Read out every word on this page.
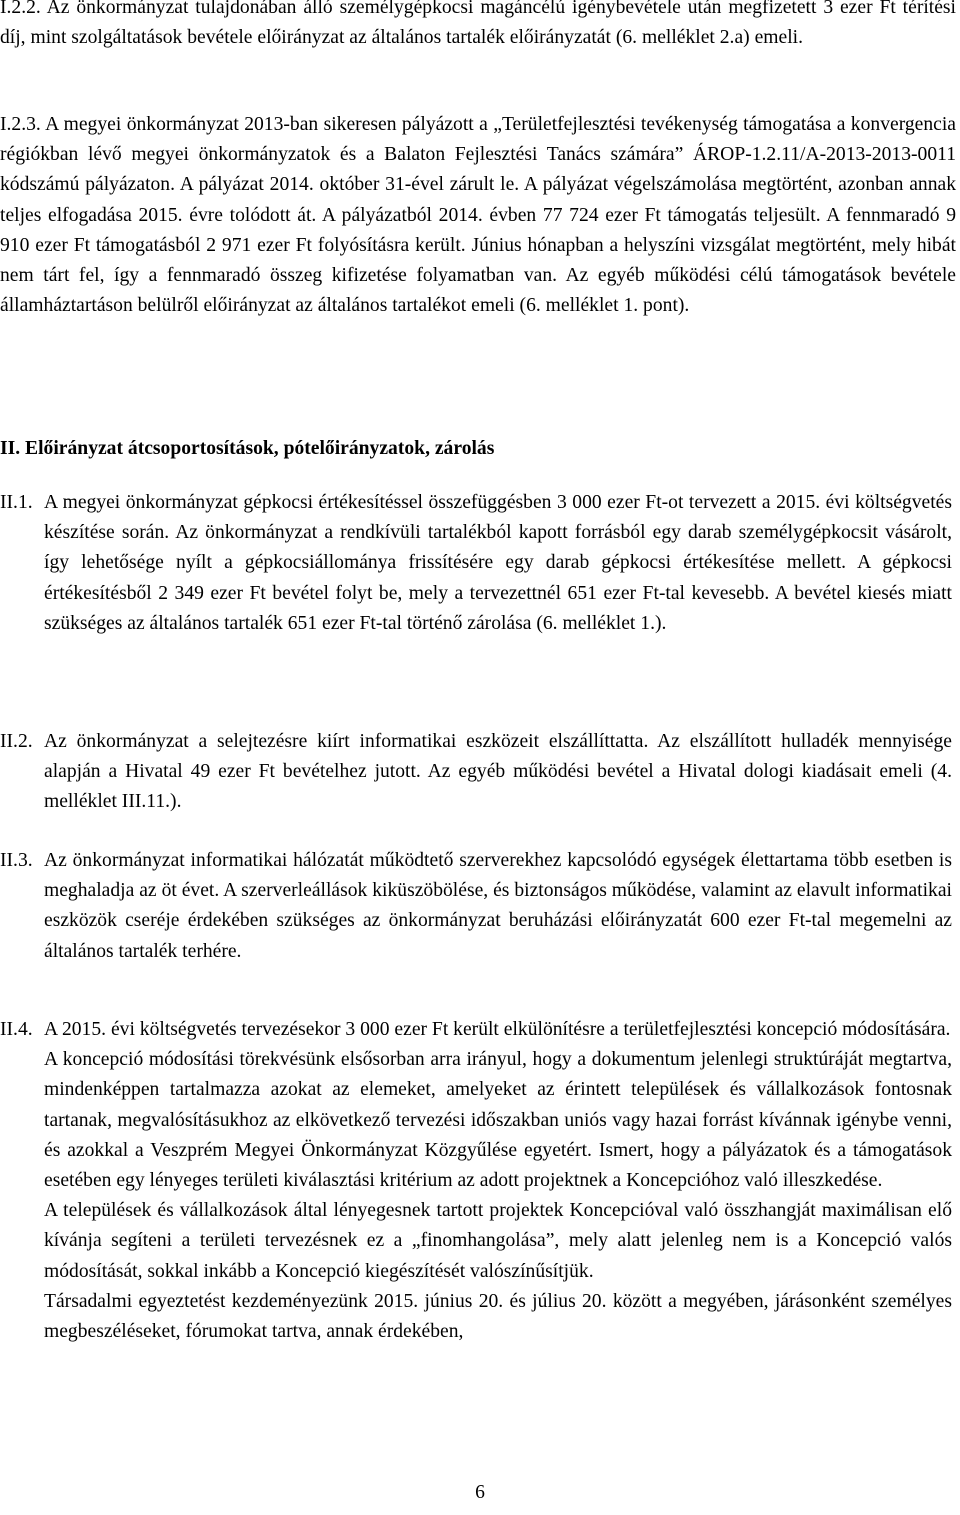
I.2.2. Az önkormányzat tulajdonában álló személygépkocsi magáncélú igénybevétele után megfizetett 3 ezer Ft térítési díj, mint szolgáltatások bevétele előirányzat az általános tartalék előirányzatát (6. melléklet 2.a) emeli.

I.2.3. A megyei önkormányzat 2013-ban sikeresen pályázott a „Területfejlesztési tevékenység támogatása a konvergencia régiókban lévő megyei önkormányzatok és a Balaton Fejlesztési Tanács számára” ÁROP-1.2.11/A-2013-2013-0011 kódszámú pályázaton. A pályázat 2014. október 31-ével zárult le. A pályázat végelszámolása megtörtént, azonban annak teljes elfogadása 2015. évre tolódott át. A pályázatból 2014. évben 77 724 ezer Ft támogatás teljesült. A fennmaradó 9 910 ezer Ft támogatásból 2 971 ezer Ft folyósításra került. Június hónapban a helyszíni vizsgálat megtörtént, mely hibát nem tárt fel, így a fennmaradó összeg kifizetése folyamatban van. Az egyéb működési célú támogatások bevétele államháztartáson belülről előirányzat az általános tartalékot emeli (6. melléklet 1. pont).

II. Előirányzat átcsoportosítások, pótelőirányzatok, zárolás
II.1. A megyei önkormányzat gépkocsi értékesítéssel összefüggésben 3 000 ezer Ft-ot tervezett a 2015. évi költségvetés készítése során. Az önkormányzat a rendkívüli tartalékból kapott forrásból egy darab személygépkocsit vásárolt, így lehetősége nyílt a gépkocsiállománya frissítésére egy darab gépkocsi értékesítése mellett. A gépkocsi értékesítésből 2 349 ezer Ft bevétel folyt be, mely a tervezettnél 651 ezer Ft-tal kevesebb. A bevétel kiesés miatt szükséges az általános tartalék 651 ezer Ft-tal történő zárolása (6. melléklet 1.).

II.2. Az önkormányzat a selejtezésre kiírt informatikai eszközeit elszállíttatta. Az elszállított hulladék mennyisége alapján a Hivatal 49 ezer Ft bevételhez jutott. Az egyéb működési bevétel a Hivatal dologi kiadásait emeli (4. melléklet III.11.).

II.3. Az önkormányzat informatikai hálózatát működtető szerverekhez kapcsolódó egységek élettartama több esetben is meghaladja az öt évet. A szerverleállások kiküszöbölése, és biztonságos működése, valamint az elavult informatikai eszközök cseréje érdekében szükséges az önkormányzat beruházási előirányzatát 600 ezer Ft-tal megemelni az általános tartalék terhére.

II.4. A 2015. évi költségvetés tervezésekor 3 000 ezer Ft került elkülönítésre a területfejlesztési koncepció módosítására.

A koncepció módosítási törekvésünk elsősorban arra irányul, hogy a dokumentum jelenlegi struktúráját megtartva, mindenképpen tartalmazza azokat az elemeket, amelyeket az érintett települések és vállalkozások fontosnak tartanak, megvalósításukhoz az elkövetkező tervezési időszakban uniós vagy hazai forrást kívánnak igénybe venni, és azokkal a Veszprém Megyei Önkormányzat Közgyűlése egyetért. Ismert, hogy a pályázatok és a támogatások esetében egy lényeges területi kiválasztási kritérium az adott projektnek a Koncepcióhoz való illeszkedése.

A települések és vállalkozások által lényegesnek tartott projektek Koncepcióval való összhangját maximálisan elő kívánja segíteni a területi tervezésnek ez a „finomhangolása”, mely alatt jelenleg nem is a Koncepció valós módosítását, sokkal inkább a Koncepció kiegészítését valószínűsítjük.

Társadalmi egyeztetést kezdeményezünk 2015. június 20. és július 20. között a megyében, járásonként személyes megbeszéléseket, fórumokat tartva, annak érdekében,

6
